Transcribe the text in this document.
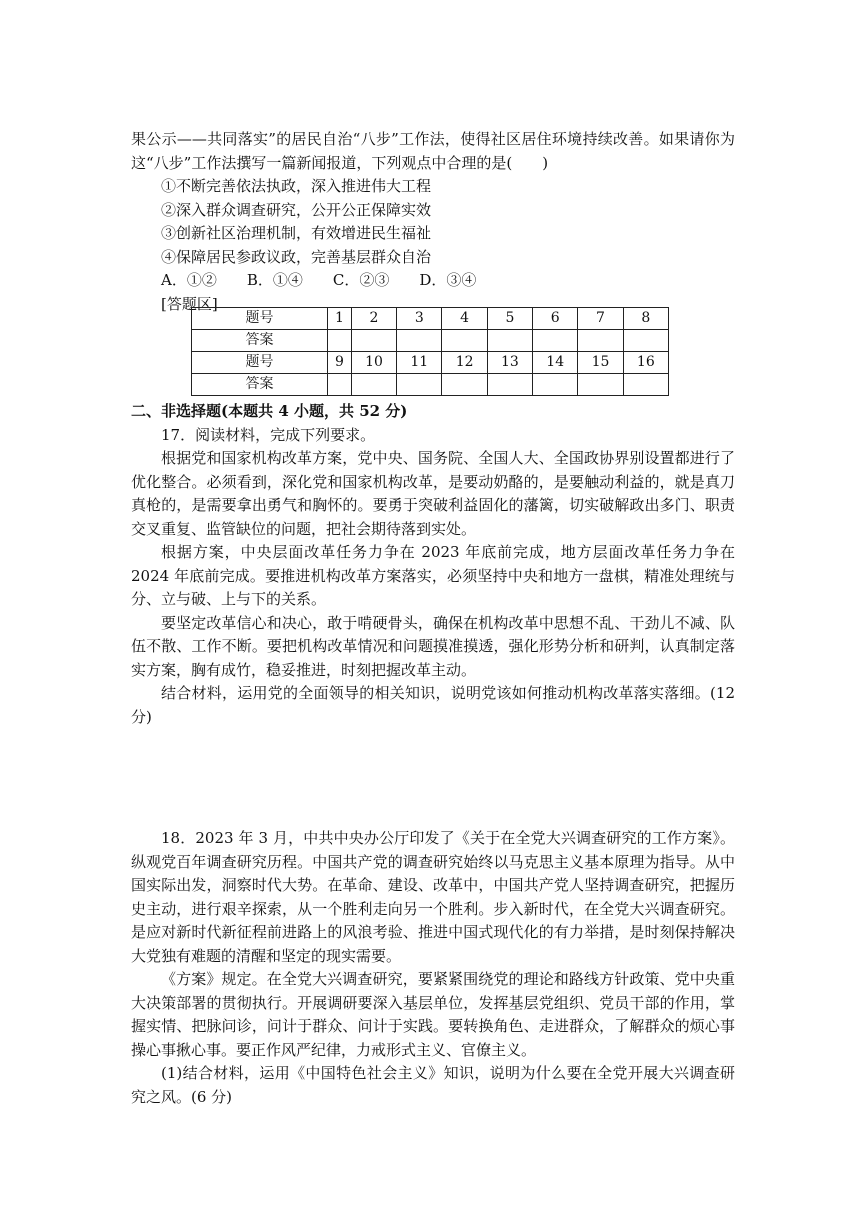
果公示——共同落实”的居民自治“八步”工作法，使得社区居住环境持续改善。如果请你为这“八步”工作法撰写一篇新闻报道，下列观点中合理的是(　　)

①不断完善依法执政，深入推进伟大工程

②深入群众调查研究，公开公正保障实效

③创新社区治理机制，有效增进民生福祉

④保障居民参政议政，完善基层群众自治

A．①②　　B．①④　　C．②③　　D．③④

[答题区]

题号	1	2	3	4	5	6	7	8
答案								
题号	9	10	11	12	13	14	15	16
答案								

二、非选择题(本题共 4 小题，共 52 分)

17．阅读材料，完成下列要求。

根据党和国家机构改革方案，党中央、国务院、全国人大、全国政协界别设置都进行了优化整合。必须看到，深化党和国家机构改革，是要动奶酪的，是要触动利益的，就是真刀真枪的，是需要拿出勇气和胸怀的。要勇于突破利益固化的藩篱，切实破解政出多门、职责交叉重复、监管缺位的问题，把社会期待落到实处。

根据方案，中央层面改革任务力争在 2023 年底前完成，地方层面改革任务力争在 2024 年底前完成。要推进机构改革方案落实，必须坚持中央和地方一盘棋，精准处理统与分、立与破、上与下的关系。

要坚定改革信心和决心，敢于啃硬骨头，确保在机构改革中思想不乱、干劲儿不减、队伍不散、工作不断。要把机构改革情况和问题摸准摸透，强化形势分析和研判，认真制定落实方案，胸有成竹，稳妥推进，时刻把握改革主动。

结合材料，运用党的全面领导的相关知识，说明党该如何推动机构改革落实落细。(12 分)

18．2023 年 3 月，中共中央办公厅印发了《关于在全党大兴调查研究的工作方案》。纵观党百年调查研究历程。中国共产党的调查研究始终以马克思主义基本原理为指导。从中国实际出发，洞察时代大势。在革命、建设、改革中，中国共产党人坚持调查研究，把握历史主动，进行艰辛探索，从一个胜利走向另一个胜利。步入新时代，在全党大兴调查研究。是应对新时代新征程前进路上的风浪考验、推进中国式现代化的有力举措，是时刻保持解决大党独有难题的清醒和坚定的现实需要。

《方案》规定。在全党大兴调查研究，要紧紧围绕党的理论和路线方针政策、党中央重大决策部署的贯彻执行。开展调研要深入基层单位，发挥基层党组织、党员干部的作用，掌握实情、把脉问诊，问计于群众、问计于实践。要转换角色、走进群众，了解群众的烦心事操心事揪心事。要正作风严纪律，力戒形式主义、官僚主义。

(1)结合材料，运用《中国特色社会主义》知识，说明为什么要在全党开展大兴调查研究之风。(6 分)
